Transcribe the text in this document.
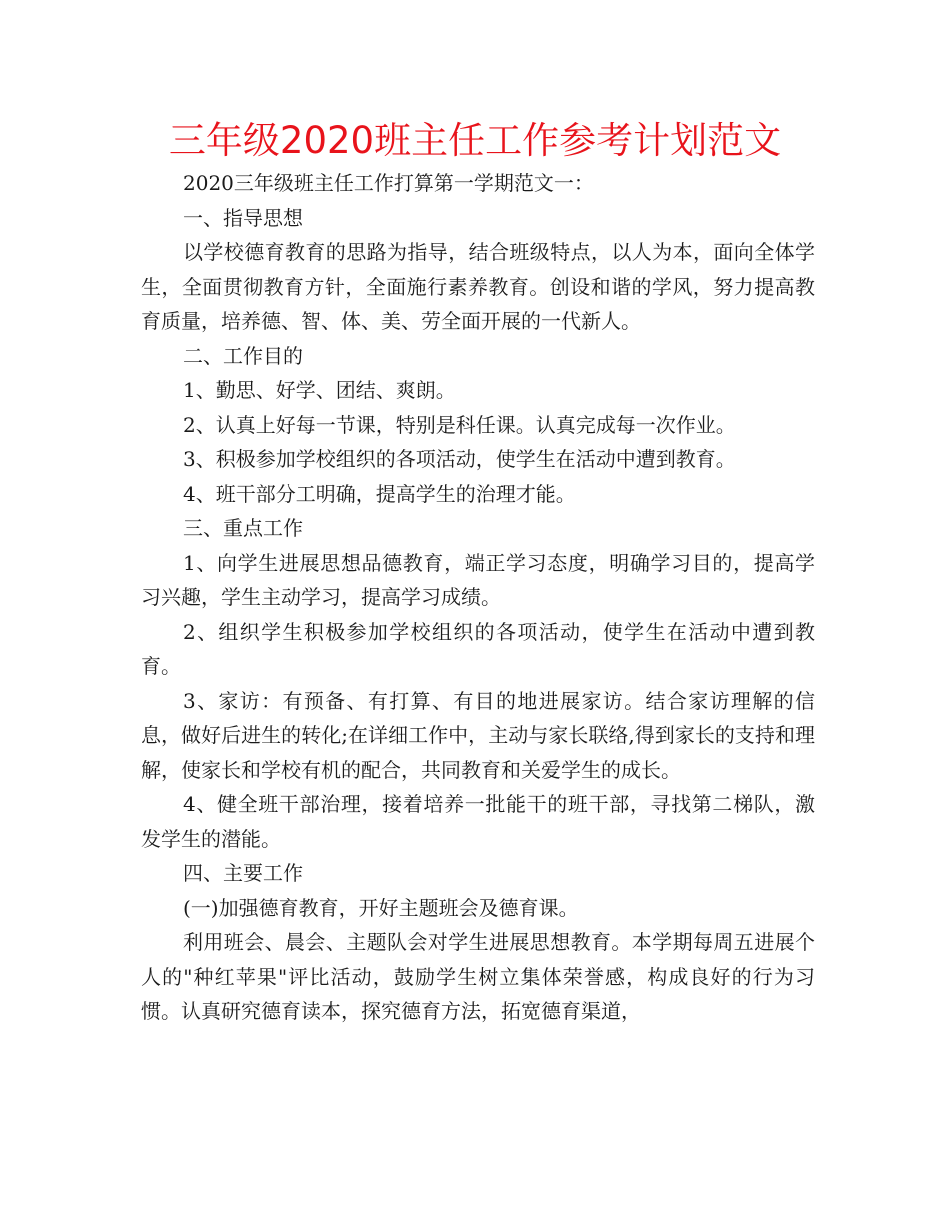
三年级2020班主任工作参考计划范文

2020三年级班主任工作打算第一学期范文一：

一、指导思想

以学校德育教育的思路为指导，结合班级特点，以人为本，面向全体学生，全面贯彻教育方针，全面施行素养教育。创设和谐的学风，努力提高教育质量，培养德、智、体、美、劳全面开展的一代新人。

二、工作目的

1、勤思、好学、团结、爽朗。

2、认真上好每一节课，特别是科任课。认真完成每一次作业。

3、积极参加学校组织的各项活动，使学生在活动中遭到教育。

4、班干部分工明确，提高学生的治理才能。

三、重点工作

1、向学生进展思想品德教育，端正学习态度，明确学习目的，提高学习兴趣，学生主动学习，提高学习成绩。

2、组织学生积极参加学校组织的各项活动，使学生在活动中遭到教育。

3、家访：有预备、有打算、有目的地进展家访。结合家访理解的信息，做好后进生的转化;在详细工作中，主动与家长联络,得到家长的支持和理解，使家长和学校有机的配合，共同教育和关爱学生的成长。

4、健全班干部治理，接着培养一批能干的班干部，寻找第二梯队，激发学生的潜能。

四、主要工作

(一)加强德育教育，开好主题班会及德育课。

利用班会、晨会、主题队会对学生进展思想教育。本学期每周五进展个人的"种红苹果"评比活动，鼓励学生树立集体荣誉感，构成良好的行为习惯。认真研究德育读本，探究德育方法，拓宽德育渠道，
